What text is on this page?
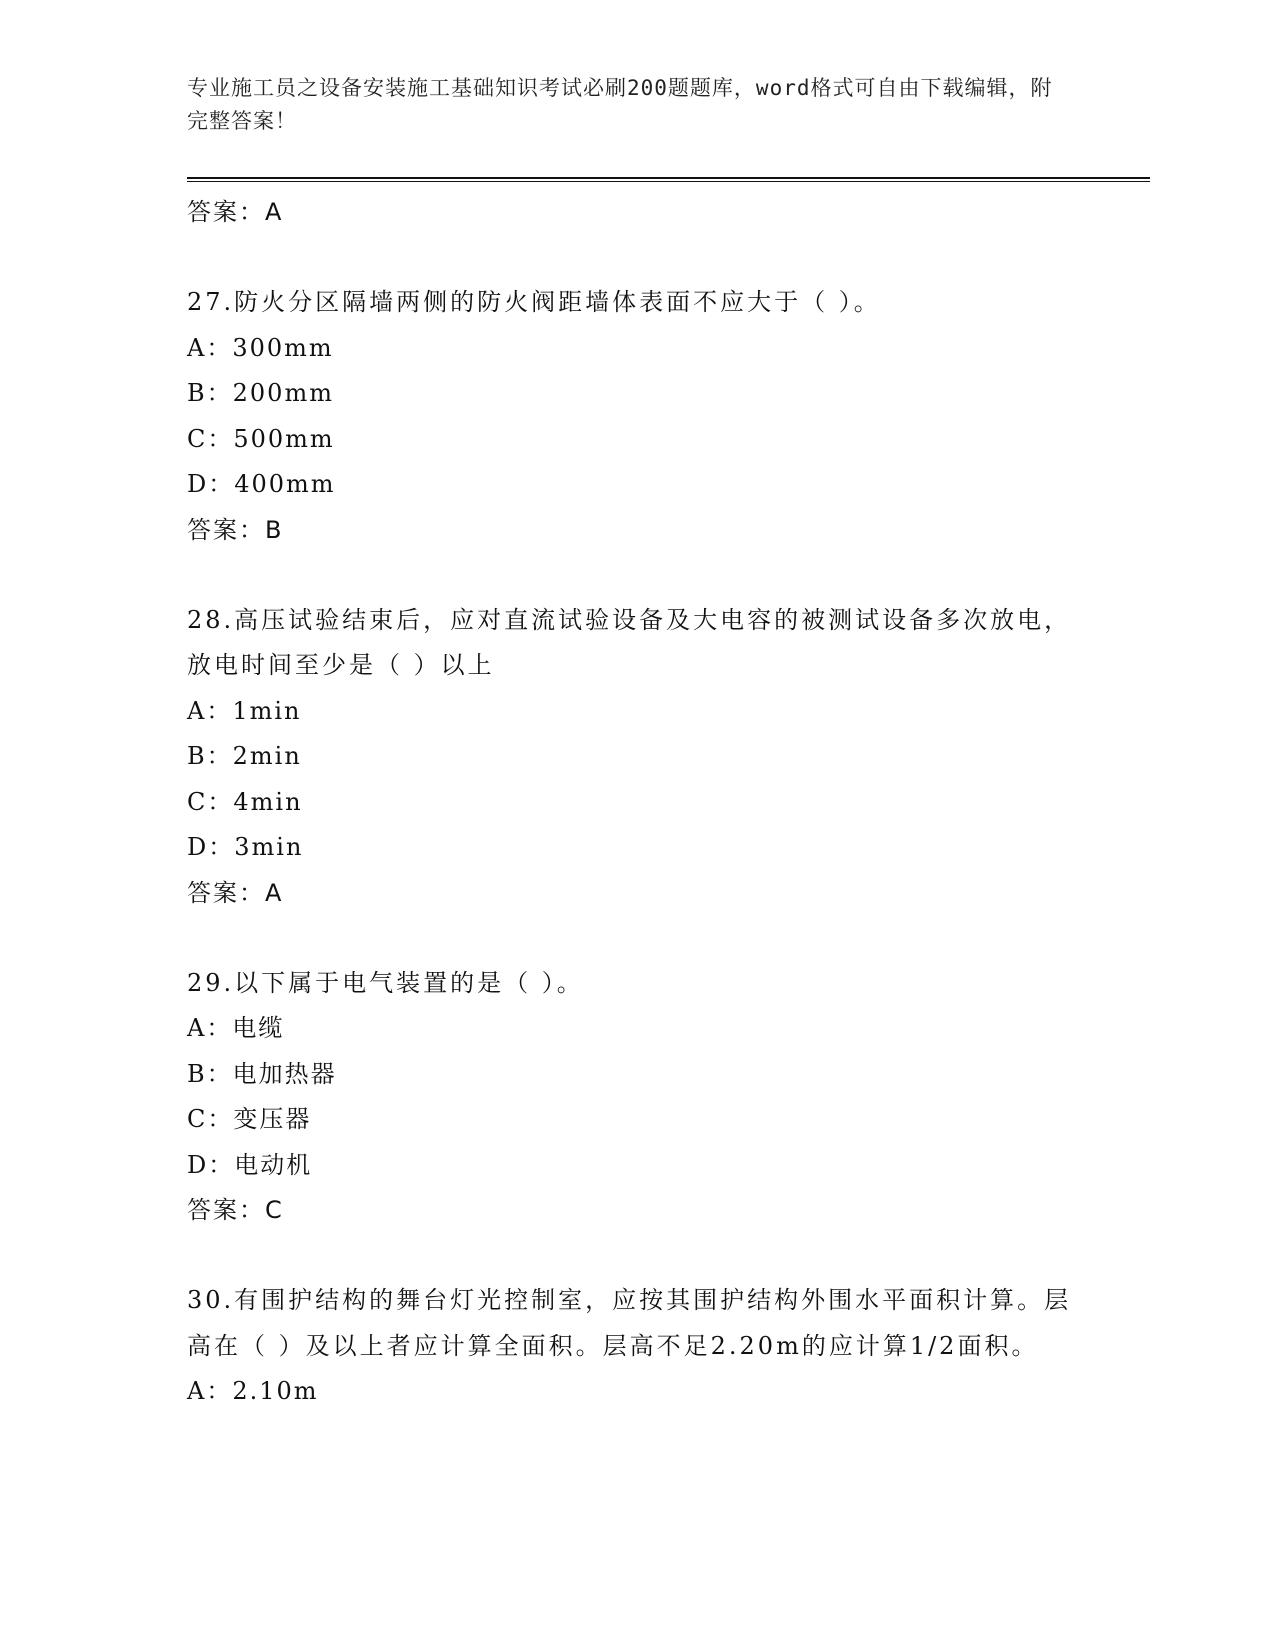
专业施工员之设备安装施工基础知识考试必刷200题题库，word格式可自由下载编辑，附完整答案！
答案：A
27.防火分区隔墙两侧的防火阀距墙体表面不应大于（ ）。
A：300mm
B：200mm
C：500mm
D：400mm
答案：B
28.高压试验结束后，应对直流试验设备及大电容的被测试设备多次放电，放电时间至少是（ ）以上
A：1min
B：2min
C：4min
D：3min
答案：A
29.以下属于电气装置的是（ ）。
A：电缆
B：电加热器
C：变压器
D：电动机
答案：C
30.有围护结构的舞台灯光控制室，应按其围护结构外围水平面积计算。层高在（ ）及以上者应计算全面积。层高不足2.20m的应计算1/2面积。
A：2.10m
